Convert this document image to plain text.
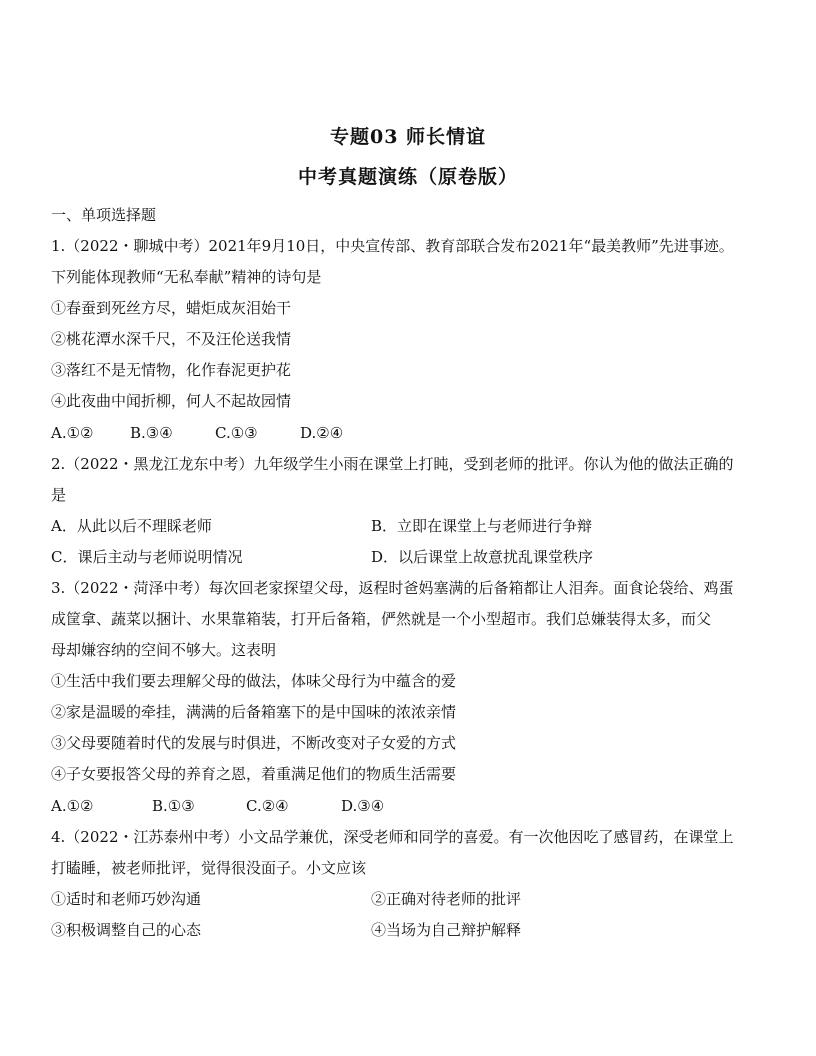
专题03 师长情谊
中考真题演练（原卷版）
一、单项选择题
1.（2022・聊城中考）2021年9月10日，中央宣传部、教育部联合发布2021年“最美教师”先进事迹。
下列能体现教师“无私奉献”精神的诗句是
①春蚕到死丝方尽，蜡炬成灰泪始干
②桃花潭水深千尺，不及汪伦送我情
③落红不是无情物，化作春泥更护花
④此夜曲中闻折柳，何人不起故园情
A.①② B.③④	C.①③	D.②④
2.（2022・黑龙江龙东中考）九年级学生小雨在课堂上打盹，受到老师的批评。你认为他的做法正确的
是
A．从此以后不理睬老师	B．立即在课堂上与老师进行争辩
C．课后主动与老师说明情况	D．以后课堂上故意扰乱课堂秩序
3.（2022・菏泽中考）每次回老家探望父母，返程时爸妈塞满的后备箱都让人泪奔。面食论袋给、鸡蛋
成筐拿、蔬菜以捆计、水果靠箱装，打开后备箱，俨然就是一个小型超市。我们总嫌装得太多，而父
母却嫌容纳的空间不够大。这表明
①生活中我们要去理解父母的做法，体味父母行为中蕴含的爱
②家是温暖的牵挂，满满的后备箱塞下的是中国味的浓浓亲情
③父母要随着时代的发展与时俱进，不断改变对子女爱的方式
④子女要报答父母的养育之恩，着重满足他们的物质生活需要
A.①②	B.①③	C.②④	D.③④
4.（2022・江苏泰州中考）小文品学兼优，深受老师和同学的喜爱。有一次他因吃了感冒药，在课堂上
打瞌睡，被老师批评，觉得很没面子。小文应该
①适时和老师巧妙沟通	②正确对待老师的批评
③积极调整自己的心态	④当场为自己辩护解释
